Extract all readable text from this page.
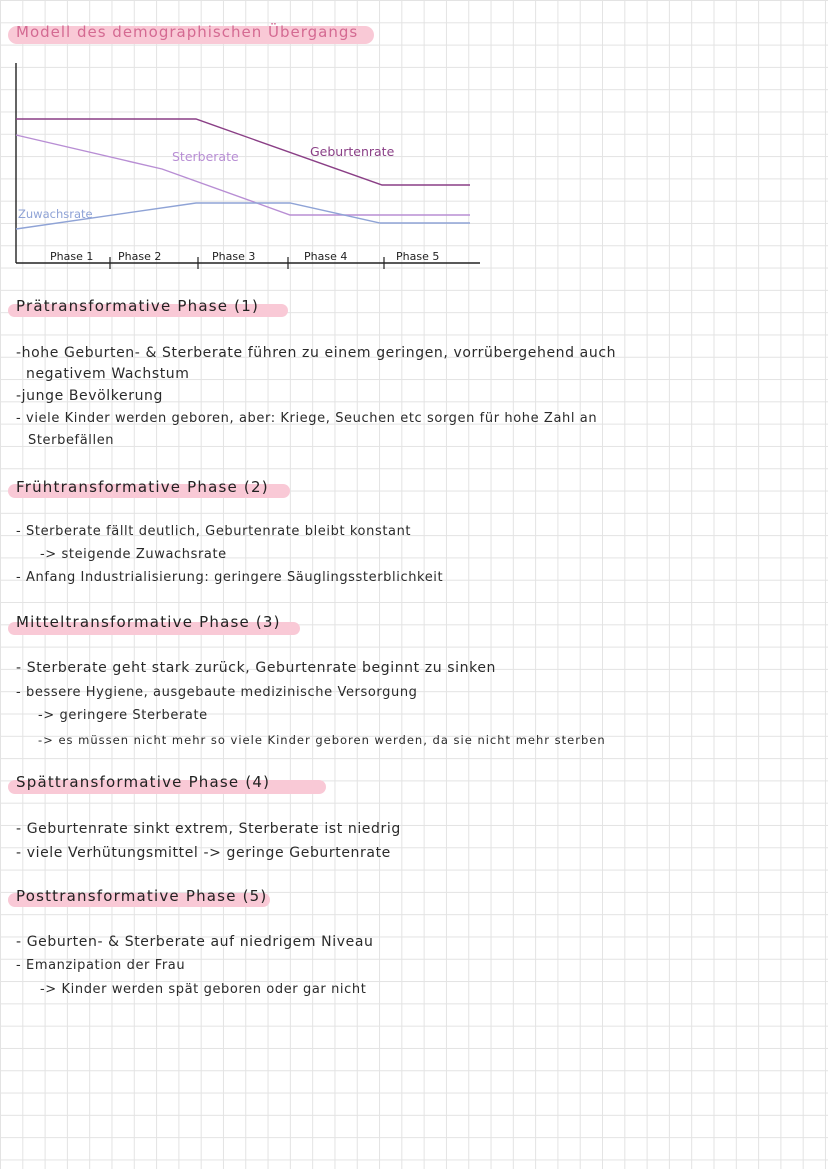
Modell des demographischen Übergangs
Geburtenrate
Sterberate
Zuwachsrate
Phase 1 Phase 2	Phase 3	Phase 4	Phase 5
Prätransformative Phase (1)
-hohe Geburten- & Sterberate führen zu einem geringen, vorrübergehend auch
negativem Wachstum
-junge Bevölkerung
- viele Kinder werden geboren, aber: Kriege, Seuchen etc sorgen für hohe Zahl an
Sterbefällen
Frühtransformative Phase (2)
- Sterberate fällt deutlich, Geburtenrate bleibt konstant
-> steigende Zuwachsrate
- Anfang Industrialisierung: geringere Säuglingssterblichkeit
Mitteltransformative Phase (3)
- Sterberate geht stark zurück, Geburtenrate beginnt zu sinken
- bessere Hygiene, ausgebaute medizinische Versorgung
-> geringere Sterberate
-> es müssen nicht mehr so viele Kinder geboren werden, da sie nicht mehr sterben
Spättransformative Phase (4)
- Geburtenrate sinkt extrem, Sterberate ist niedrig
- viele Verhütungsmittel -> geringe Geburtenrate
Posttransformative Phase (5)
- Geburten- & Sterberate auf niedrigem Niveau
- Emanzipation der Frau
-> Kinder werden spät geboren oder gar nicht
